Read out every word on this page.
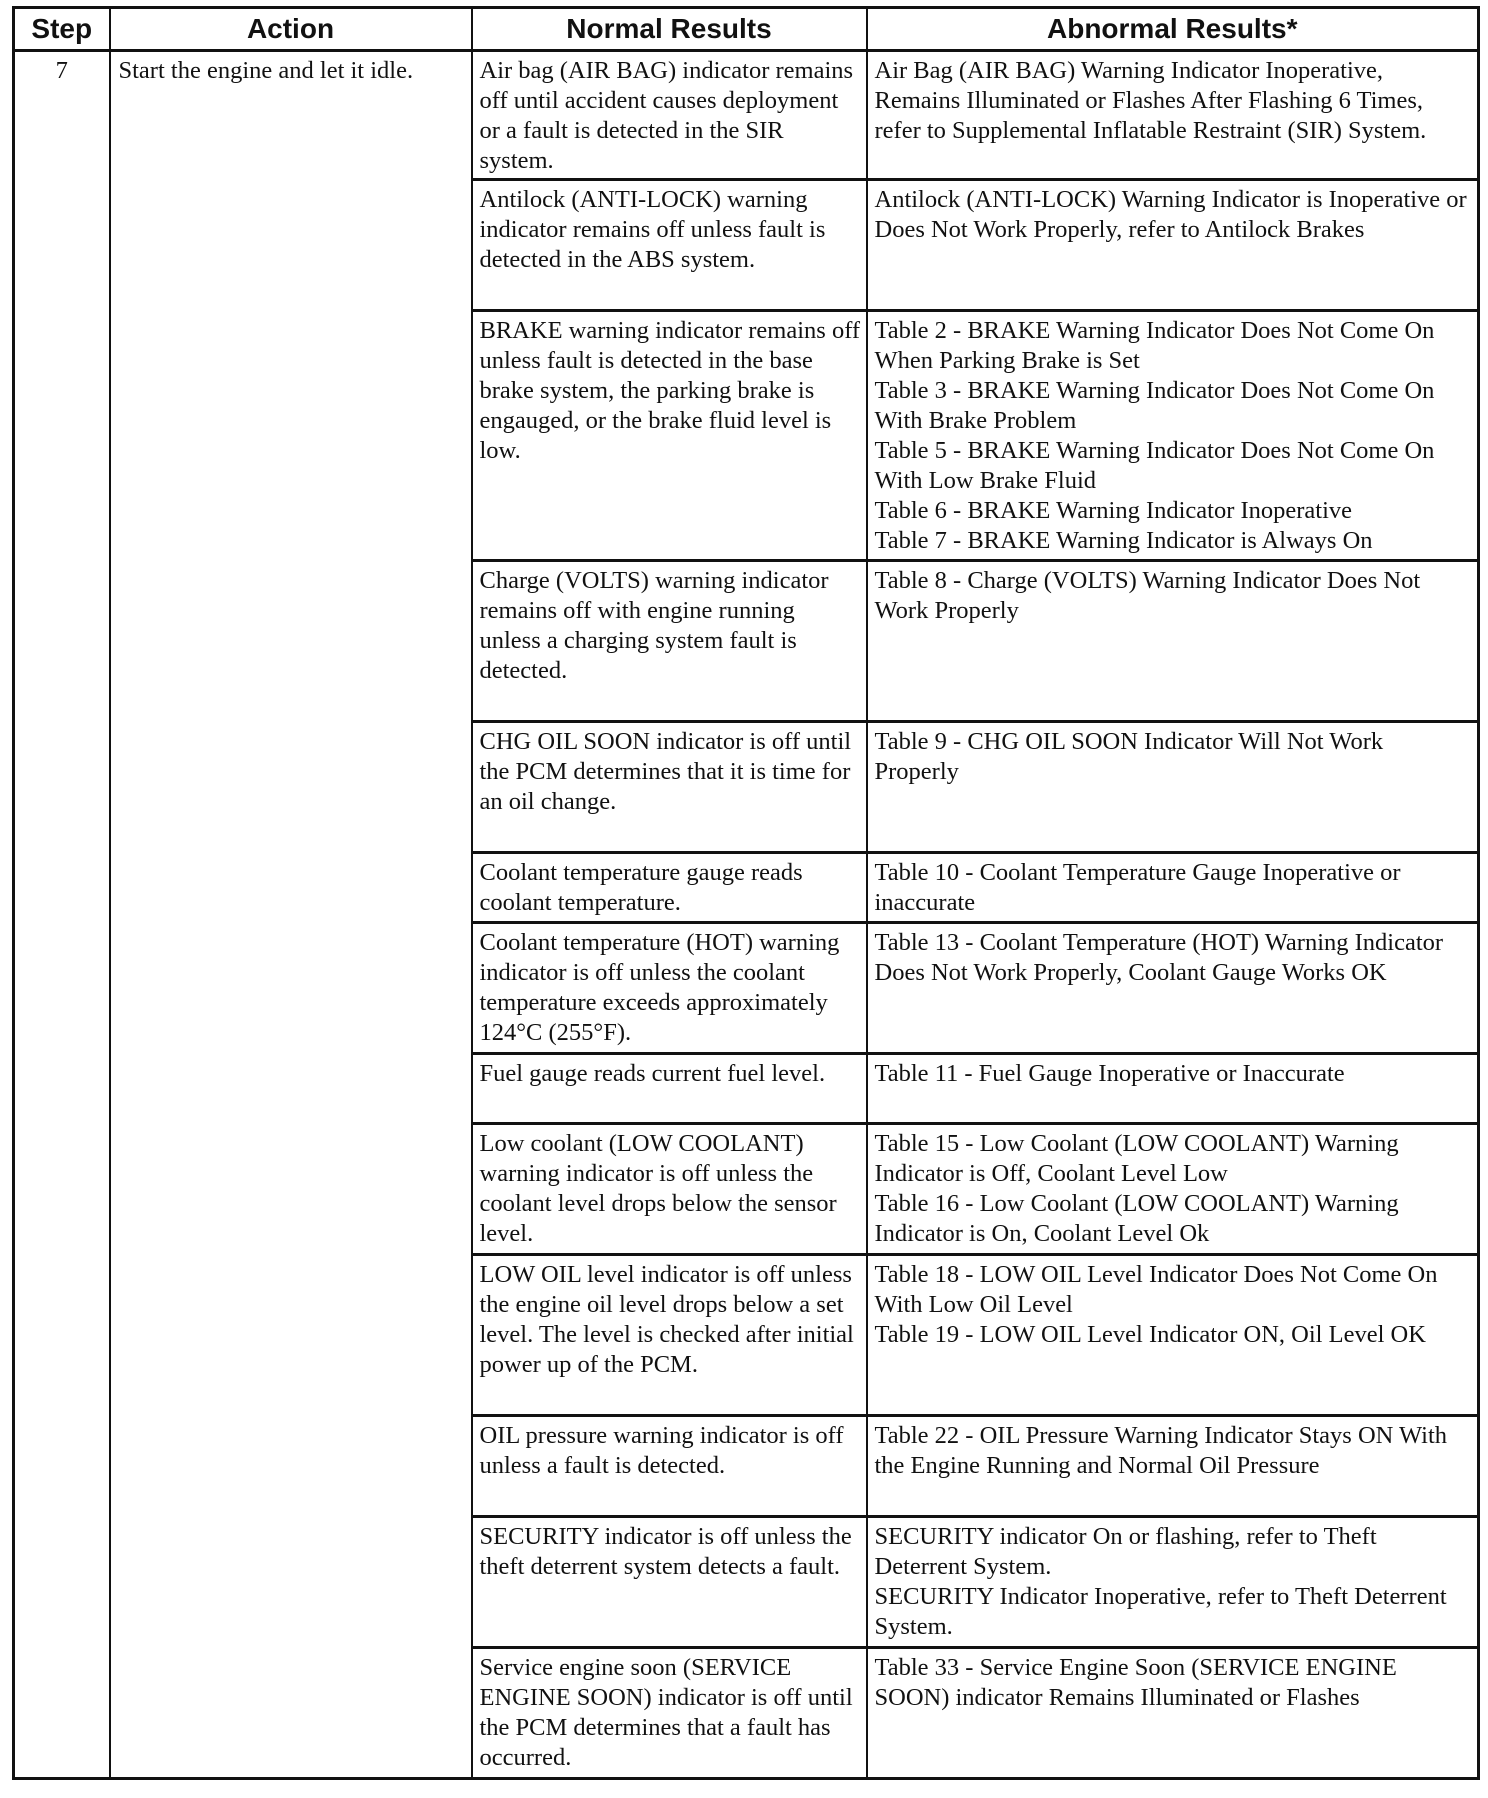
Step	Action	Normal Results	Abnormal Results*
7	Start the engine and let it idle.	Air bag (AIR BAG) indicator remains off until accident causes deployment or a fault is detected in the SIR system.	Air Bag (AIR BAG) Warning Indicator Inoperative, Remains Illuminated or Flashes After Flashing 6 Times, refer to Supplemental Inflatable Restraint (SIR) System.

		Antilock (ANTI-LOCK) warning indicator remains off unless fault is detected in the ABS system.	Antilock (ANTI-LOCK) Warning Indicator is Inoperative or Does Not Work Properly, refer to Antilock Brakes

		BRAKE warning indicator remains off unless fault is detected in the base brake system, the parking brake is engauged, or the brake fluid level is low.	Table 2 - BRAKE Warning Indicator Does Not Come On When Parking Brake is Set
Table 3 - BRAKE Warning Indicator Does Not Come On With Brake Problem
Table 5 - BRAKE Warning Indicator Does Not Come On With Low Brake Fluid
Table 6 - BRAKE Warning Indicator Inoperative
Table 7 - BRAKE Warning Indicator is Always On

		Charge (VOLTS) warning indicator remains off with engine running unless a charging system fault is detected.	Table 8 - Charge (VOLTS) Warning Indicator Does Not Work Properly

		CHG OIL SOON indicator is off until the PCM determines that it is time for an oil change.	Table 9 - CHG OIL SOON Indicator Will Not Work Properly

		Coolant temperature gauge reads coolant temperature.	Table 10 - Coolant Temperature Gauge Inoperative or inaccurate

		Coolant temperature (HOT) warning indicator is off unless the coolant temperature exceeds approximately 124°C (255°F).	Table 13 - Coolant Temperature (HOT) Warning Indicator Does Not Work Properly, Coolant Gauge Works OK

		Fuel gauge reads current fuel level.	Table 11 - Fuel Gauge Inoperative or Inaccurate

		Low coolant (LOW COOLANT) warning indicator is off unless the coolant level drops below the sensor level.	Table 15 - Low Coolant (LOW COOLANT) Warning Indicator is Off, Coolant Level Low
Table 16 - Low Coolant (LOW COOLANT) Warning Indicator is On, Coolant Level Ok

		LOW OIL level indicator is off unless the engine oil level drops below a set level. The level is checked after initial power up of the PCM.	Table 18 - LOW OIL Level Indicator Does Not Come On With Low Oil Level
Table 19 - LOW OIL Level Indicator ON, Oil Level OK

		OIL pressure warning indicator is off unless a fault is detected.	Table 22 - OIL Pressure Warning Indicator Stays ON With the Engine Running and Normal Oil Pressure

		SECURITY indicator is off unless the theft deterrent system detects a fault.	SECURITY indicator On or flashing, refer to Theft Deterrent System.
SECURITY Indicator Inoperative, refer to Theft Deterrent System.

		Service engine soon (SERVICE ENGINE SOON) indicator is off until the PCM determines that a fault has occurred.	Table 33 - Service Engine Soon (SERVICE ENGINE SOON) indicator Remains Illuminated or Flashes
